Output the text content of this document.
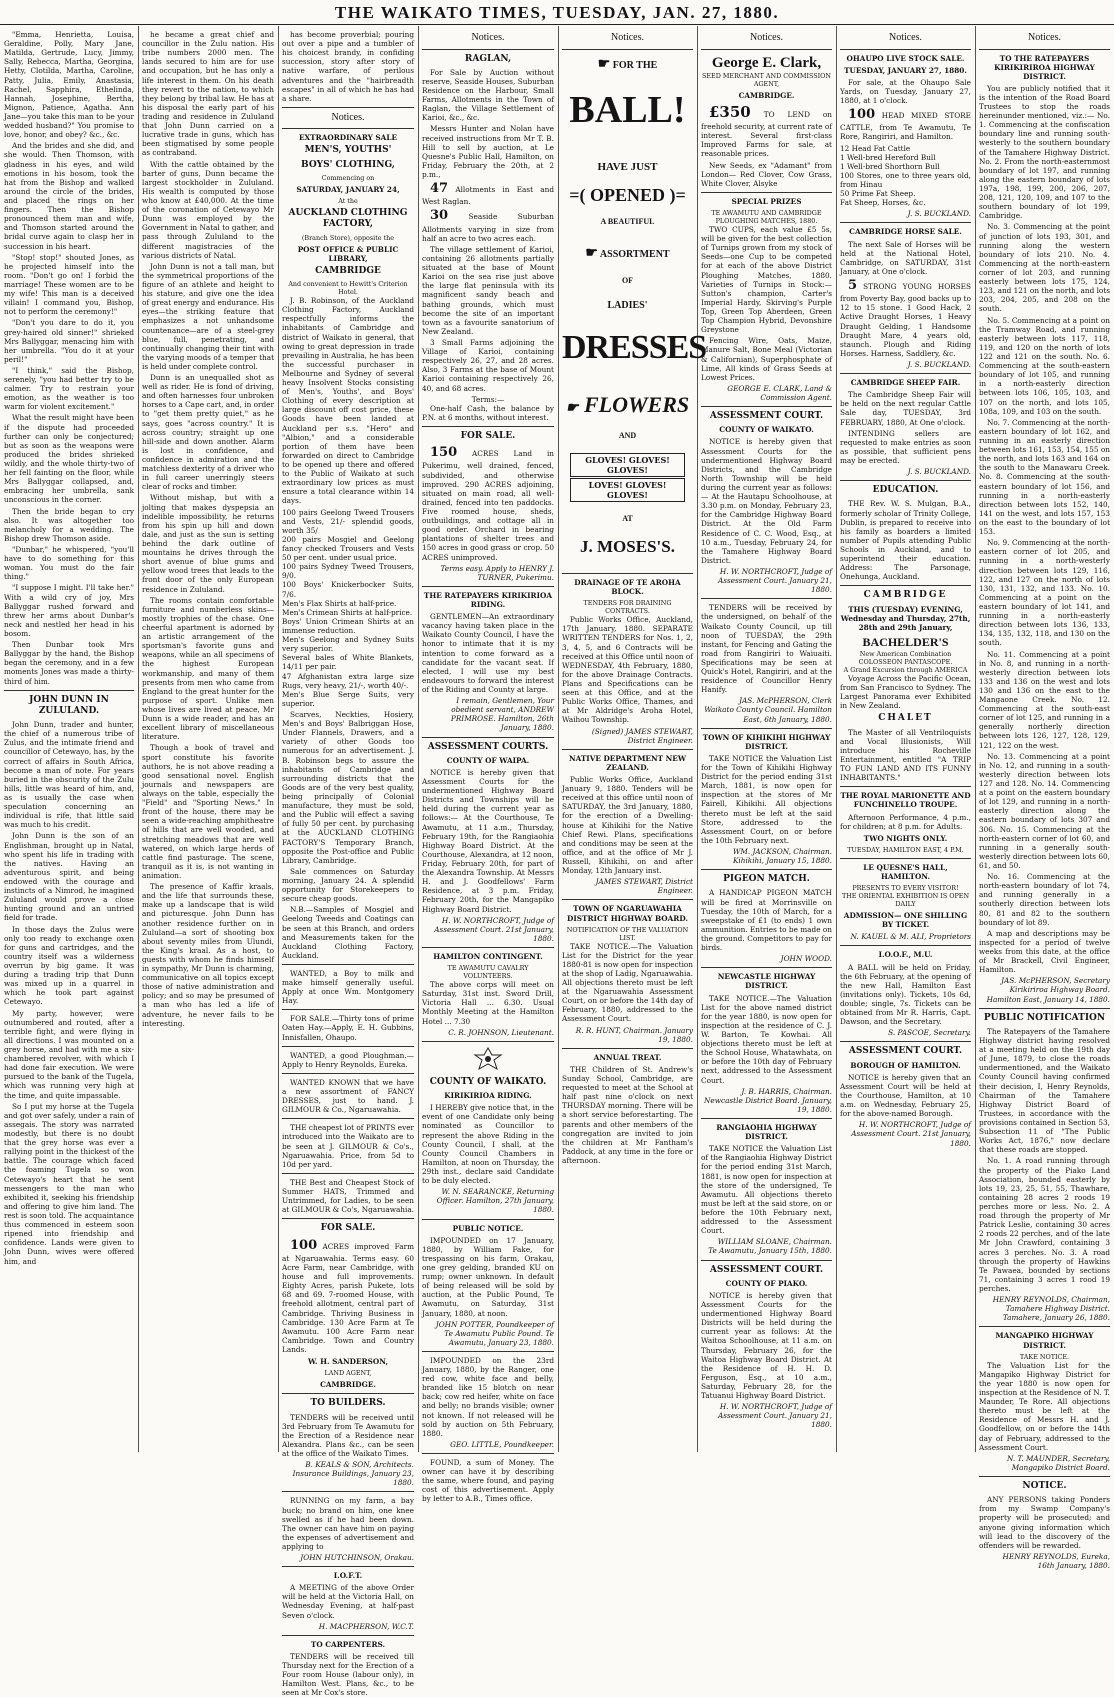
THE WAIKATO TIMES, TUESDAY, JAN. 27, 1880.

"Emma, Henrietta, Louisa, Geraldine, Polly, Mary Jane, Matilda, Gertrude, Lucy, Jimmy, Sally, Rebecca, Martha, Georgina, Hetty, Clotilda, Martha, Caroline, Patty, Julia, Emily, Anastasia, Rachel, Sapphira, Ethelinda, Hannah, Josephine, Bertha, Mignon, Patience, Agatha. Ann Jane—you take this man to be your wedded husband?" You promise to love, honor, and obey? &c., &c.

And the brides and she did, and she would. Then Thomson, with gladness in his eyes, and wild emotions in his bosom, took the hat from the Bishop and walked around the circle of the brides, and placed the rings on her fingers. Then the Bishop pronounced them man and wife, and Thomson started around the bridal curve again to clasp her in succession in his heart.

"Stop! stop!" shouted Jones, as he projected himself into the room. "Don't go on! I forbid the marriage! These women are to be my wife! This man is a deceived villain! I command you, Bishop, not to perform the ceremony!"

"Don't you dare to do it, you grey-haired old sinner!" shrieked Mrs Ballyggar, menacing him with her umbrella. "You do it at your peril!"

"I think," said the Bishop, serenely, "you had better try to be calmer. Try to restrain your emotion, as the weather is too warm for violent excitement."

What the result might have been if the dispute had proceeded further can only be conjectured; but as soon as the weapons were produced the brides shrieked wildly, and the whole thirty-two of her fell fainting on the floor, while Mrs Ballyggar collapsed, and, embracing her umbrella, sank unconscious in the corner.

Then the bride began to cry also. It was altogether too melancholy for a wedding. The Bishop drew Thomson aside.

"Dunbar," he whispered, "you'll have to do something for this woman. You must do the fair thing."

"I suppose I might. I'll take her." With a wild cry of joy, Mrs Ballyggar rushed forward and threw her arms about Dunbar's neck and nestled her head in his bosom.

Then Dunbar took Mrs Ballyggar by the hand, the Bishop began the ceremony, and in a few moments Jones was made a thirty-third of him.

JOHN DUNN IN ZULULAND.

John Dunn, trader and hunter, the chief of a numerous tribe of Zulus, and the intimate friend and councillor of Cetewayo, has, by the correct of affairs in South Africa, become a man of note. For years buried in the obscurity of the Zulu hills, little was heard of him, and, as is usually the case when speculation concerning an individual is rife, that little said was much to his credit.

John Dunn is the son of an Englishman, brought up in Natal, who spent his life in trading with the natives. Having an adventurous spirit, and being endowed with the courage and instincts of a Nimrod, he imagined Zululand would prove a close hunting ground and an untried field for trade.

In those days the Zulus were only too ready to exchange oxen for guns and cartridges, and the country itself was a wilderness overrun by big game. It was during a trading trip that Dunn was mixed up in a quarrel in which he took part against Cetewayo.

My party, however, were outnumbered and routed, after a terrible fight, and were flying in all directions. I was mounted on a grey horse, and had with me a six-chambered revolver, with which I had done fair execution. We were pursued to the bank of the Tugela, which was running very high at the time, and quite impassable.

So I put my horse at the Tugela and got over safely, under a rain of assegais. The story was narrated modestly, but there is no doubt that the grey horse was ever a rallying point in the thickest of the battle. The courage which faced the foaming Tugela so won Cetewayo's heart that he sent messengers to the man who exhibited it, seeking his friendship and offering to give him land. The rest is soon told. The acquaintance thus commenced in esteem soon ripened into friendship and confidence. Lands were given to John Dunn, wives were offered him, and

he became a great chief and councillor in the Zulu nation. His tribe numbers 2000 men. The lands secured to him are for use and occupation, but he has only a life interest in them. On his death they revert to the nation, to which they belong by tribal law. He has at his disposal the early part of his trading and residence in Zululand that John Dunn carried on a lucrative trade in guns, which has been stigmatised by some people as contraband.

With the cattle obtained by the barter of guns, Dunn became the largest stockholder in Zululand. His wealth is computed by those who know at £40,000. At the time of the coronation of Cetewayo Mr Dunn was employed by the Government in Natal to gather, and pass through Zululand to the different magistracies of the various districts of Natal.

John Dunn is not a tall man, but the symmetrical proportions of the figure of an athlete and height to his stature, and give one the idea of great energy and endurance. His eyes—the striking feature that emphasizes a not unhandsome countenance—are of a steel-grey blue, full, penetrating, and continually changing their tint with the varying moods of a temper that is held under complete control.

Dunn is an unequalled shot as well as rider. He is fond of driving, and often harnesses four unbroken horses to a Cape cart, and, in order to "get them pretty quiet," as he says, goes "across country." It is across country; straight up one hill-side and down another. Alarm is lost in confidence, and confidence in admiration and the matchless dexterity of a driver who in full career unerringly steers clear of rocks and timber.

Without mishap, but with a jolting that makes dyspepsia an indelible impossibility, he returns from his spin up hill and down dale, and just as the sun is setting behind the dark outline of mountains he drives through the short avenue of blue gums and yellow wood trees that leads to the front door of the only European residence in Zululand.

The rooms contain comfortable furniture and numberless skins—mostly trophies of the chase. One cheerful apartment is adorned by an artistic arrangement of the sportsman's favorite guns and weapons, while an all specimens of the highest European workmanship, and many of them presents from men who came from England to the great hunter for the purpose of sport. Unlike men whose lives are lived at peace, Mr Dunn is a wide reader, and has an excellent library of miscellaneous literature.

Though a book of travel and sport constitute his favorite authors, he is not above reading a good sensational novel. English journals and newspapers are always on the table, especially the "Field" and "Sporting News." In front of the house, there may be seen a wide-reaching amphitheatre of hills that are well wooded, and stretching meadows that are well watered, on which large herds of cattle find pasturage. The scene, tranquil as it is, is not wanting in animation.

The presence of Kaffir kraals, and the life that surrounds these, make up a landscape that is wild and picturesque. John Dunn has another residence further on in Zululand—a sort of shooting box about seventy miles from Ulundi, the King's kraal. As a host, to guests with whom he finds himself in sympathy, Mr Dunn is charming, communicative on all topics except those of native administration and policy; and so may be presumed of a man who has led a life of adventure, he never fails to be interesting.

has become proverbial; pouring out over a pipe and a tumbler of his choicest brandy, in confiding succession, story after story of native warfare, of perilous adventures and the "hairbreadth escapes" in all of which he has had a share.

Notices.
EXTRAORDINARY SALE
MEN'S, YOUTHS'
BOYS' CLOTHING,
Commencing on
SATURDAY, JANUARY 24,
At the
AUCKLAND CLOTHING FACTORY,
(Branch Store), opposite the
POST OFFICE & PUBLIC LIBRARY,
CAMBRIDGE
And convenient to Hewitt's Criterion Hotel.

J. B. Robinson, of the Auckland Clothing Factory, Auckland respectfully informs the inhabitants of Cambridge and district of Waikato in general, that owing to great depression in trade prevailing in Australia, he has been the successful purchaser in Melbourne and Sydney of several heavy Insolvent Stocks consisting of Men's, Youths', and Boys' Clothing of every description at large discount off cost price, these Goods have been landed at Auckland per s.s. "Hero" and "Albion," and a considerable portion of them have been forwarded on direct to Cambridge to be opened up there and offered to the Public of Waikato at such extraordinary low prices as must ensure a total clearance within 14 days.

100 pairs Geelong Tweed Trousers and Vests, 21/- splendid goods, worth 35/
200 pairs Mosgiel and Geelong fancy checked Trousers and Vests 50 per cent. under usual price.
100 pairs Sydney Tweed Trousers, 9/0.
100 Boys' Knickerbocker Suits, 7/6.
Men's Flax Shirts at half-price.
Men's Crimean Shirts at half-price.
Boys' Union Crimean Shirts at an immense reduction.
Men's Geelong and Sydney Suits very superior.
Several bales of White Blankets, 14/11 per pair.
47 Afghanistan extra large size Rugs, very heavy, 21/-, worth 40/-.
Men's Blue Serge Suits, very superior.

Scarves, Neckties, Hosiery, Men's and Boys' Balbriggan Hose, Under Flannels, Drawers, and a variety of other Goods too numerous for an advertisement. J. B. Robinson begs to assure the inhabitants of Cambridge and surrounding districts that the Goods are of the very best quality, being principally of Colonial manufacture, they must be sold, and the Public will effect a saving of fully 50 per cent. by purchasing at the AUCKLAND CLOTHING FACTORY'S Temporary Branch, opposite the Post-office and Public Library, Cambridge.

Sale commences on Saturday morning, January 24. A splendid opportunity for Storekeepers to secure cheap goods.

N.B.—Samples of Mosgiel and Geelong Tweeds and Coatings can be seen at this Branch, and orders and Measurements taken for the Auckland Clothing Factory, Auckland.

WANTED, a Boy to milk and make himself generally useful. Apply at once Wm. Montgomery Hay.

FOR SALE.—Thirty tons of prime Oaten Hay.—Apply, E. H. Gubbins, Innisfallen, Ohaupo.

WANTED, a good Ploughman.—Apply to Henry Reynolds, Eureka.

WANTED KNOWN that we have a new assortment of FANCY DRESSES, just to hand. J. GILMOUR & Co., Ngaruawahia.

THE cheapest lot of PRINTS ever introduced into the Waikato are to be seen at J. GILMOUR & Co's., Ngaruawahia. Price, from 5d to 10d per yard.

THE Best and Cheapest Stock of Summer HATS, Trimmed and Untrimmed, for Ladies, to be seen at GILMOUR & Co's, Ngaruawahia.

FOR SALE.

100 ACRES improved Farm at Ngaruawahia. Terms easy. 60 Acre Farm, near Cambridge, with house and full improvements. Eighty Acres, parish Pukete, lots 68 and 69. 7-roomed House, with freehold allotment, central part of Cambridge. Thriving Business in Cambridge. 130 Acre Farm at Te Awamutu. 100 Acre Farm near Cambridge. Town and Country Lands.

W. H. SANDERSON,
LAND AGENT,
CAMBRIDGE.
TO BUILDERS.

TENDERS will be received until 3rd February from Te Awamutu for the Erection of a Residence near Alexandra. Plans &c., can be seen at the office of the Waikato Times.

B. KEALS & SON, Architects. Insurance Buildings, January 23, 1880.

RUNNING on my farm, a bay buck; no brand on him, one knee swelled as if he had been down. The owner can have him on paying the expenses of advertisement and applying to

JOHN HUTCHINSON, Orakau.

I.O.F.T.

A MEETING of the above Order will be held at the Victoria Hall, on Wednesday Evening, at half-past Seven o'clock.

H. MACPHERSON, W.C.T.

TO CARPENTERS.

TENDERS will be received till Thursday next for the Erection of a Four room House (labour only), in Hamilton West. Plans, &c., to be seen at Mr Cox's store.

Notices.
RAGLAN,

For Sale by Auction without reserve, Seaside Houses, Suburban Residence on the Harbour, Small Farms, Allotments in the Town of Raglan, the Village Settlement of Karioi, &c., &c.

Messrs Hunter and Nolan have received instructions from Mr T. B. Hill to sell by auction, at Le Quesne's Public Hall, Hamilton, on Friday, February the 20th, at 2 p.m.,

47 Allotments in East and West Raglan.

30	Seaside Suburban Allotments varying in size from half an acre to two acres each.

The village settlement of Karioi, containing 26 allotments partially situated at the base of Mount Karioi on the sea rise just above the large flat peninsula with its magnificent sandy beach and bathing grounds, which must become the site of an important town as a favourite sanatorium of New Zealand.

3 Small Farms adjoining the Village of Karioi, containing respectively 26, 27, and 28 acres. Also, 3 Farms at the base of Mount Karioi containing respectively 26, 40, and 68 acres.

Terms:—

One-half Cash, the balance by P.N. at 6 months, without interest.

FOR SALE.

150 ACRES Land in Pukerimu, well drained, fenced, subdivided, and otherwise improved. 290 ACRES adjoining, situated on main road, all well-drained, fenced into ten paddocks. Five roomed house, sheds, outbuildings, and cottage all in good order. Orchard in bearing plantations of shelter trees and 150 acres in good grass or crop. 50 ACRES unimproved.

Terms easy. Apply to HENRY J. TURNER, Pukerimu.

THE RATEPAYERS KIRIKIRIOA RIDING.

GENTLEMEN—An extraordinary vacancy having taken place in the Waikato County Council, I have the honor to intimate that it is my intention to come forward as a candidate for the vacant seat. If elected, I will use my best endeavours to forward the interest of the Riding and County at large.

I remain, Gentlemen, Your obedient servant, ANDREW PRIMROSE. Hamilton, 26th January, 1880.

ASSESSMENT COURTS.
COUNTY OF WAIPA.

NOTICE is hereby given that Assessment Courts for the undermentioned Highway Board Districts and Townships will be held during the current year as follows:— At the Courthouse, Te Awamutu, at 11 a.m., Thursday, February 19th, for the Rangiaohia Highway Board District. At the Courthouse, Alexandra, at 12 noon, Friday, February 20th, for part of the Alexandra Township. At Messrs H. and J. Goodfellows' Farm Residence, at 3 p.m. Friday, February 20th, for the Mangapiko Highway Board District.

H. W. NORTHCROFT, Judge of Assessment Court. 21st January, 1880.

HAMILTON CONTINGENT.
TE AWAMUTU CAVALRY VOLUNTEERS.

The above corps will meet on Saturday, 31st inst. Sword Drill, Victoria Hall ... 6.30. Usual Monthly Meeting at the Hamilton Hotel ... 7.30

C. R. JOHNSON, Lieutenant.

COUNTY OF WAIKATO.
KIRIKIRIOA RIDING.

I HEREBY give notice that, in the event of one Candidate only being nominated as Councillor to represent the above Riding in the County Council, I shall, at the County Council Chambers in Hamilton, at noon on Thursday, the 29th inst., declare said Candidate to be duly elected.

W. N. SEARANCKE, Returning Officer. Hamilton, 27th January, 1880.

PUBLIC NOTICE.

IMPOUNDED on 17 January, 1880, by William Fake, for trespassing on his farm, Orakau, one grey gelding, branded KU on rump; owner unknown. In default of being released will be sold by auction, at the Public Pound, Te Awamutu, on Saturday, 31st January, 1880, at noon.

JOHN POTTER, Poundkeeper of Te Awamutu Public Pound. Te Awamutu, January 23, 1880.

IMPOUNDED on the 23rd January, 1880, by the Ranger, one red cow, white face and belly, branded like 15 blotch on near back; cow red heifer, white on face and belly; no brands visible; owner not known. If not released will be sold by auction on 5th February, 1880.

GEO. LITTLE, Poundkeeper.

FOUND, a sum of Money. The owner can have it by describing the same, where found, and paying cost of this advertisement. Apply by letter to A.B., Times office.

Notices.
☛ FOR THE
BALL!
HAVE JUST
=( OPENED )=
A BEAUTIFUL
☛ ASSORTMENT
OF
LADIES'
DRESSES
☛ FLOWERS
AND
GLOVES! GLOVES! GLOVES!
LOVES! GLOVES! GLOVES!
AT
J. MOSES'S.
DRAINAGE OF TE AROHA BLOCK.
TENDERS FOR DRAINING CONTRACTS.

Public Works Office, Auckland, 17th January, 1880. SEPARATE WRITTEN TENDERS for Nos. 1, 2, 3, 4, 5, and 6 Contracts will be received at this Office until noon of WEDNESDAY, 4th February, 1880, for the above Drainage Contracts. Plans and Specifications can be seen at this Office, and at the Public Works Office, Thames, and at Mr Aldridge's Aroha Hotel, Waihou Township.

(Signed) JAMES STEWART, District Engineer.

NATIVE DEPARTMENT NEW ZEALAND.

Public Works Office, Auckland January 9, 1880. Tenders will be received at this office until noon of SATURDAY, the 3rd January, 1880, for the erection of a Dwelling-house at Kihikihi for the Native Chief Rewi. Plans, specifications and conditions may be seen at the office, and at the office of Mr J. Russell, Kihikihi, on and after Monday, 12th January inst.

JAMES STEWART, District Engineer.

TOWN OF NGARUAWAHIA DISTRICT HIGHWAY BOARD.
NOTIFICATION OF THE VALUATION LIST.

TAKE NOTICE.—The Valuation List for the District for the year 1880-81 is now open for inspection at the shop of Ladig, Ngaruawahia. All objections thereto must be left at the Ngaruawahia Assessment Court, on or before the 14th day of February, 1880, addressed to the Assessment Court.

R. R. HUNT, Chairman. January 19, 1880.

ANNUAL TREAT.

THE Children of St. Andrew's Sunday School, Cambridge, are requested to meet at the School at half past nine o'clock on next THURSDAY morning. There will be a short service beforestarting. The parents and other members of the congregation are invited to join the children at Mr Fantham's Paddock, at any time in the fore or afternoon.

Notices.
George E. Clark,
SEED MERCHANT AND COMMISSION AGENT,
CAMBRIDGE.

£350 TO LEND on freehold security, at current rate of interest. Several first-class Improved Farms for sale, at reasonable prices.

New Seeds, ex "Adamant" from London— Red Clover, Cow Grass, White Clover, Alsyke

SPECIAL PRIZES
TE AWAMUTU AND CAMBRIDGE PLOUGHING MATCHES, 1880.

TWO CUPS, each value £5 5s, will be given for the best collection of Turnips grown from my stock of Seeds—one Cup to be competed for at each of the above District Ploughing Matches, 1880. Varieties of Turnips in Stock:— Sutton's champion, Carter's Imperial Hardy, Skirving's Purple Top, Green Top Aberdeen, Green Top Champion Hybrid, Devonshire Greystone

Fencing Wire, Oats, Maize, Manure Salt, Bone Meal (Victorian & Californian), Superphosphate of Lime, All kinds of Grass Seeds at Lowest Prices.

GEORGE E. CLARK, Land & Commission Agent.

ASSESSMENT COURT.
COUNTY OF WAIKATO.

NOTICE is hereby given that Assessment Courts for the undermentioned Highway Board Districts, and the Cambridge North Township will be held during the current year as follows:— At the Hautapu Schoolhouse, at 3.30 p.m. on Monday, February 23, for the Cambridge Highway Board District. At the Old Farm Residence of C. C. Wood, Esq., at 10 a.m., Tuesday, February 24, for the Tamahere Highway Board District.

H. W. NORTHCROFT, Judge of Assessment Court. January 21, 1880.

TENDERS will be received by the undersigned, on behalf of the Waikato County Council, up till noon of TUESDAY, the 29th instant, for Fencing and Gating the road from Rangiriri to Waiuaiti. Specifications may be seen at Quick's Hotel, Rangiriri, and at the residence of Councillor Henry Hanify.

JAS. McPHERSON, Clerk Waikato County Council. Hamilton East, 6th January, 1880.

TOWN OF KIHIKIHI HIGHWAY DISTRICT.

TAKE NOTICE the Valuation List for the Town of Kihikihi Highway District for the period ending 31st March, 1881, is now open for inspection at the stores of Mr Fairell, Kihikihi. All objections thereto must be left at the said Store, addressed to the Assessment Court, on or before the 10th February next.

WM. JACKSON, Chairman. Kihikihi, January 15, 1880.

PIGEON MATCH.

A HANDICAP PIGEON MATCH will be fired at Morrinsville on Tuesday, the 10th of March, for a sweepstake of £1 (to ends) 1 own ammunition. Entries to be made on the ground. Competitors to pay for birds.

JOHN WOOD.

NEWCASTLE HIGHWAY DISTRICT.

TAKE NOTICE.—The Valuation List for the above named district for the year 1880, is now open for inspection at the residence of C. J. W. Barton, Te Kowhai. All objections thereto must be left at the School House, Whatawhata, on or before the 10th day of February next, addressed to the Assessment Court.

J. B. HARRIS, Chairman. Newcastle District Board. January, 19, 1880.

RANGIAOHIA HIGHWAY DISTRICT.

TAKE NOTICE the Valuation List of the Rangiaohia Highway District for the period ending 31st March, 1881, is now open for inspection at the store of the undersigned, Te Awamutu. All objections thereto must be left at the said store, on or before the 10th February next, addressed to the Assessment Court.

WILLIAM SLOANE, Chairman. Te Awamutu, January 15th, 1880.

ASSESSMENT COURT.
COUNTY OF PIAKO.

NOTICE is hereby given that Assessment Courts for the undermentioned Highway Board Districts will be held during the current year as follows: At the Waitoa Schoolhouse, at 11 a.m. on Thursday, February 26, for the Waitoa Highway Board District. At the Residence of H. H. D. Ferguson, Esq., at 10 a.m., Saturday, February 28, for the Tatuanui Highway Board District.

H. W. NORTHCROFT, Judge of Assessment Court. January 21, 1880.

Notices.
OHAUPO LIVE STOCK SALE.
TUESDAY, JANUARY 27, 1880.

For sale, at the Ohaupo Sale Yards, on Tuesday, January 27, 1880, at 1 o'clock.

100 HEAD MIXED STORE CATTLE, from Te Awamutu, Te Rore, Rangiriri, and Hamilton.

12 Head Fat Cattle
1 Well-bred Hereford Bull
1 Well-bred Shorthorn Bull
100 Stores, one to three years old, from Hinau
50 Prime Fat Sheep.
Fat Sheep, Horses, &c.

J. S. BUCKLAND.

CAMBRIDGE HORSE SALE.

The next Sale of Horses will be held at the National Hotel, Cambridge, on SATURDAY, 31st January, at One o'clock.

5 STRONG YOUNG HORSES from Poverty Bay, good backs up to 12 to 15 stone. 1 Good Hack, 2 Active Draught Horses, 1 Heavy Draught Gelding, 1 Handsome Draught Mare, 4 years old, staunch. Plough and Riding Horses. Harness, Saddlery, &c.

J. S. BUCKLAND.

CAMBRIDGE SHEEP FAIR.

The Cambridge Sheep Fair will be held on the next regular Cattle Sale day, TUESDAY, 3rd FEBRUARY, 1880, At One o'clock.

INTENDING sellers are requested to make entries as soon as possible, that sufficient pens may be erected.

J. S. BUCKLAND.

EDUCATION.

THE Rev. W. S. Mulgan, B.A., formerly scholar of Trinity College, Dublin, is prepared to receive into his family as boarders a limited number of Pupils attending Public Schools in Auckland, and to superintend their education. Address: The Parsonage, Onehunga, Auckland.

CAMBRIDGE
THIS (TUESDAY) EVENING, Wednesday and Thursday, 27th, 28th and 29th January,
BACHELDER'S
New American Combination COLOSSEON PANTASCOPE.
A Grand Excursion through AMERICA

Voyage Across the Pacific Ocean, from San Francisco to Sydney. The Largest Panorama ever Exhibited in New Zealand.

CHALET

The Master of all Ventriloquists and Vocal Illusionists, Will introduce his Rocheville Entertainment, entitled "A TRIP TO FUN LAND AND ITS FUNNY INHABITANTS."

THE ROYAL MARIONETTE AND FUNCHINELLO TROUPE.

Afternoon Performance, 4 p.m., for children; at 8 p.m. for Adults.

TWO NIGHTS ONLY.
TUESDAY, HAMILTON EAST, 4 P.M.
LE QUESNE'S HALL, HAMILTON.
PRESENTS TO EVERY VISITOR!
THE ORIENTAL EXHIBITION IS OPEN DAILY
ADMISSION— ONE SHILLING BY TICKET.

N. KAUEL & M. ALI, Proprietors

I.O.O.F., M.U.

A BALL will be held on Friday, the 6th February, at the opening of the new Hall, Hamilton East (invitations only). Tickets, 10s 6d, double; single, 7s. Tickets can be obtained from Mr R. Harris, Capt. Dawson, and the Secretary.

S. PASCOE, Secretary.

ASSESSMENT COURT.
BOROUGH OF HAMILTON.

NOTICE is hereby given that an Assessment Court will be held at the Courthouse, Hamilton, at 10 a.m. on Wednesday, February 25, for the above-named Borough.

H. W. NORTHCROFT, Judge of Assessment Court. 21st January, 1880.

Notices.
TO THE RATEPAYERS KIRIKIRIROA HIGHWAY DISTRICT.

You are publicly notified that it is the intention of the Road Board Trustees to stop the roads hereinunder mentioned, viz.:— No. 1. Commencing at the confiscation boundary line and running south-westerly to the southern boundary of the Tamahere Highway District. No. 2. From the north-easternmost boundary of lot 197, and running along the eastern boundary of lots 197a, 198, 199, 200, 206, 207, 208, 121, 120, 109, and 107 to the southern boundary of lot 199, Cambridge.

No. 3. Commencing at the point of junction of lots 193, 301, and running along the western boundary of lots 210. No. 4. Commencing at the north-eastern corner of lot 203, and running easterly between lots 175, 124, 123, and 121 on the north, and lots 203, 204, 205, and 208 on the south.

No. 5. Commencing at a point on the Tramway Road, and running easterly between lots 117, 118, 119, and 120 on the north of lots 122 and 121 on the south. No. 6. Commencing at the south-eastern boundary of lot 105, and running in a north-easterly direction between lots 106, 105, 103, and 107 on the north, and lots 105, 108a, 109, and 103 on the south.

No. 7. Commencing at the north-eastern boundary of lot 162, and running in an easterly direction between lots 161, 153, 154, 155 on the north, and lots 163 and 164 on the south to the Manawaru Creek. No. 8. Commencing at the south-eastern boundary of lot 156, and running in a north-easterly direction between lots 152, 140, 141 on the west, and lots 157, 153 on the east to the boundary of lot 153.

No. 9. Commencing at the north-eastern corner of lot 205, and running in a north-westerly direction between lots 129, 116, 122, and 127 on the north of lots 130, 131, 132, and 133. No. 10. Commencing at a point on the eastern boundary of lot 141, and running in a north-easterly direction between lots 136, 133, 134, 135, 132, 118, and 130 on the south.

No. 11. Commencing at a point in No. 8, and running in a north-westerly direction between lots 133 and 136 on the west and lots 130 and 136 on the east to the Mangaone Creek. No. 12. Commencing at the south-east corner of lot 125, and running in a generally northerly direction between lots 126, 127, 128, 129, 121, 122 on the west.

No. 13. Commencing at a point in No. 12, and running in a south-westerly direction between lots 127 and 128. No. 14. Commencing at a point on the eastern boundary of lot 129, and running in a north-easterly direction along the eastern boundary of lots 307 and 306. No. 15. Commencing at the north-eastern corner of lot 60, and running in a generally south-westerly direction between lots 60, 61, and 50.

No. 16. Commencing at the north-eastern boundary of lot 74, and running generally in a southerly direction between lots 80, 81 and 82 to the southern boundary of lot 89.

A map and descriptions may be inspected for a period of twelve weeks from this date, at the office of Mr Brackell, Civil Engineer, Hamilton.

JAS. McPHERSON, Secretary Kirikiriroa Highway Board. Hamilton East, January 14, 1880.

PUBLIC NOTIFICATION

The Ratepayers of the Tamahere Highway district having resolved at a meeting held on the 19th day of June, 1879, to close the roads undermentioned, and the Waikato County Council having confirmed their decision, I, Henry Reynolds, Chairman of the Tamahere Highway District Board of Trustees, in accordance with the provisions contained in Section 53, Subsection 11 of "The Public Works Act, 1876," now declare that these roads are stopped.

No. 1. A road running through the property of the Piako Land Association, bounded easterly by lots 19, 23, 25, 51, 55, Thawhare, containing 28 acres 2 roods 19 perches more or less. No. 2. A road through the property of Mr Patrick Leslie, containing 30 acres 2 roods 22 perches, and of the late Mr John Crawford, containing 3 acres 3 perches. No. 3. A road through the property of Hawkins Te Pawaea, bounded by sections 71, containing 3 acres 1 rood 19 perches.

HENRY REYNOLDS, Chairman, Tamahere Highway District. Tamahere, January 26, 1880.

MANGAPIKO HIGHWAY DISTRICT.
TAKE NOTICE.

The Valuation List for the Mangapiko Highway District for the year 1880 is now open for inspection at the Residence of N. T. Maunder, Te Rore. All objections thereto must be left at the Residence of Messrs H. and J. Goodfellow, on or before the 14th day of February, addressed to the Assessment Court.

N. T. MAUNDER, Secretary, Mangapiko District Board.

NOTICE.

ANY PERSONS taking Ponders from my Swamp Company's property will be prosecuted; and anyone giving information which will lead to the discovery of the offenders will be rewarded.

HENRY REYNOLDS, Eureka, 16th January, 1880.
